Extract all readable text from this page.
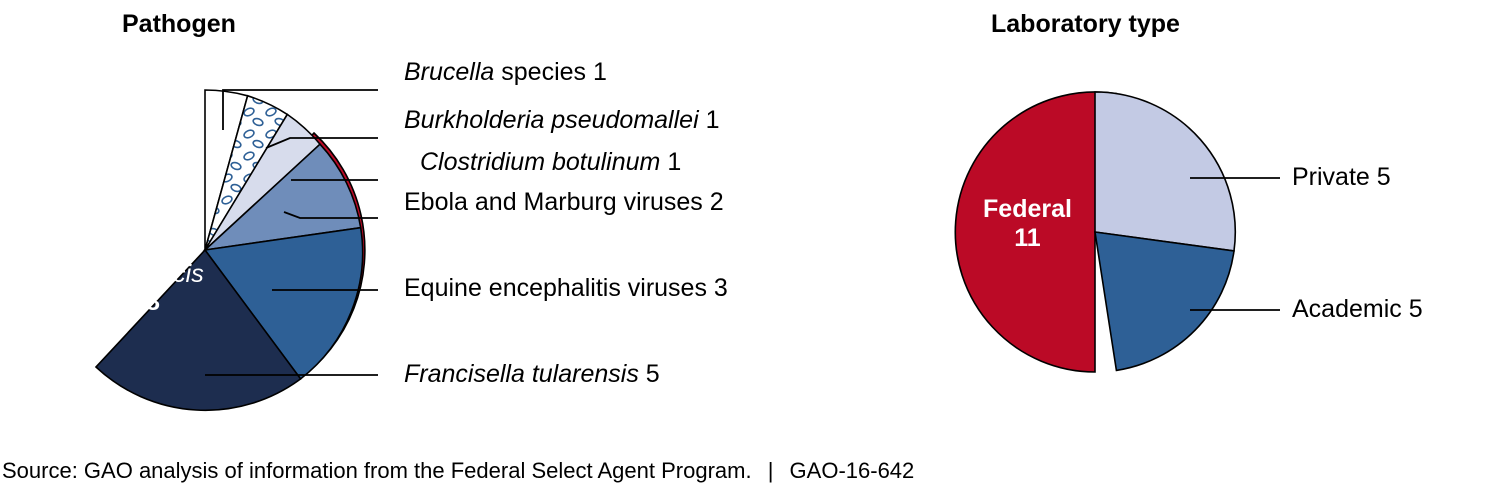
Pathogen	Laboratory type
Bacillus
anthracis
8
Brucella species 1
Burkholderia pseudomallei 1
Clostridium botulinum 1
Ebola and Marburg viruses 2
Equine encephalitis viruses 3
Francisella tularensis 5
Federal
11
Private 5
Academic 5
Source: GAO analysis of information from the Federal Select Agent Program. | GAO-16-642
